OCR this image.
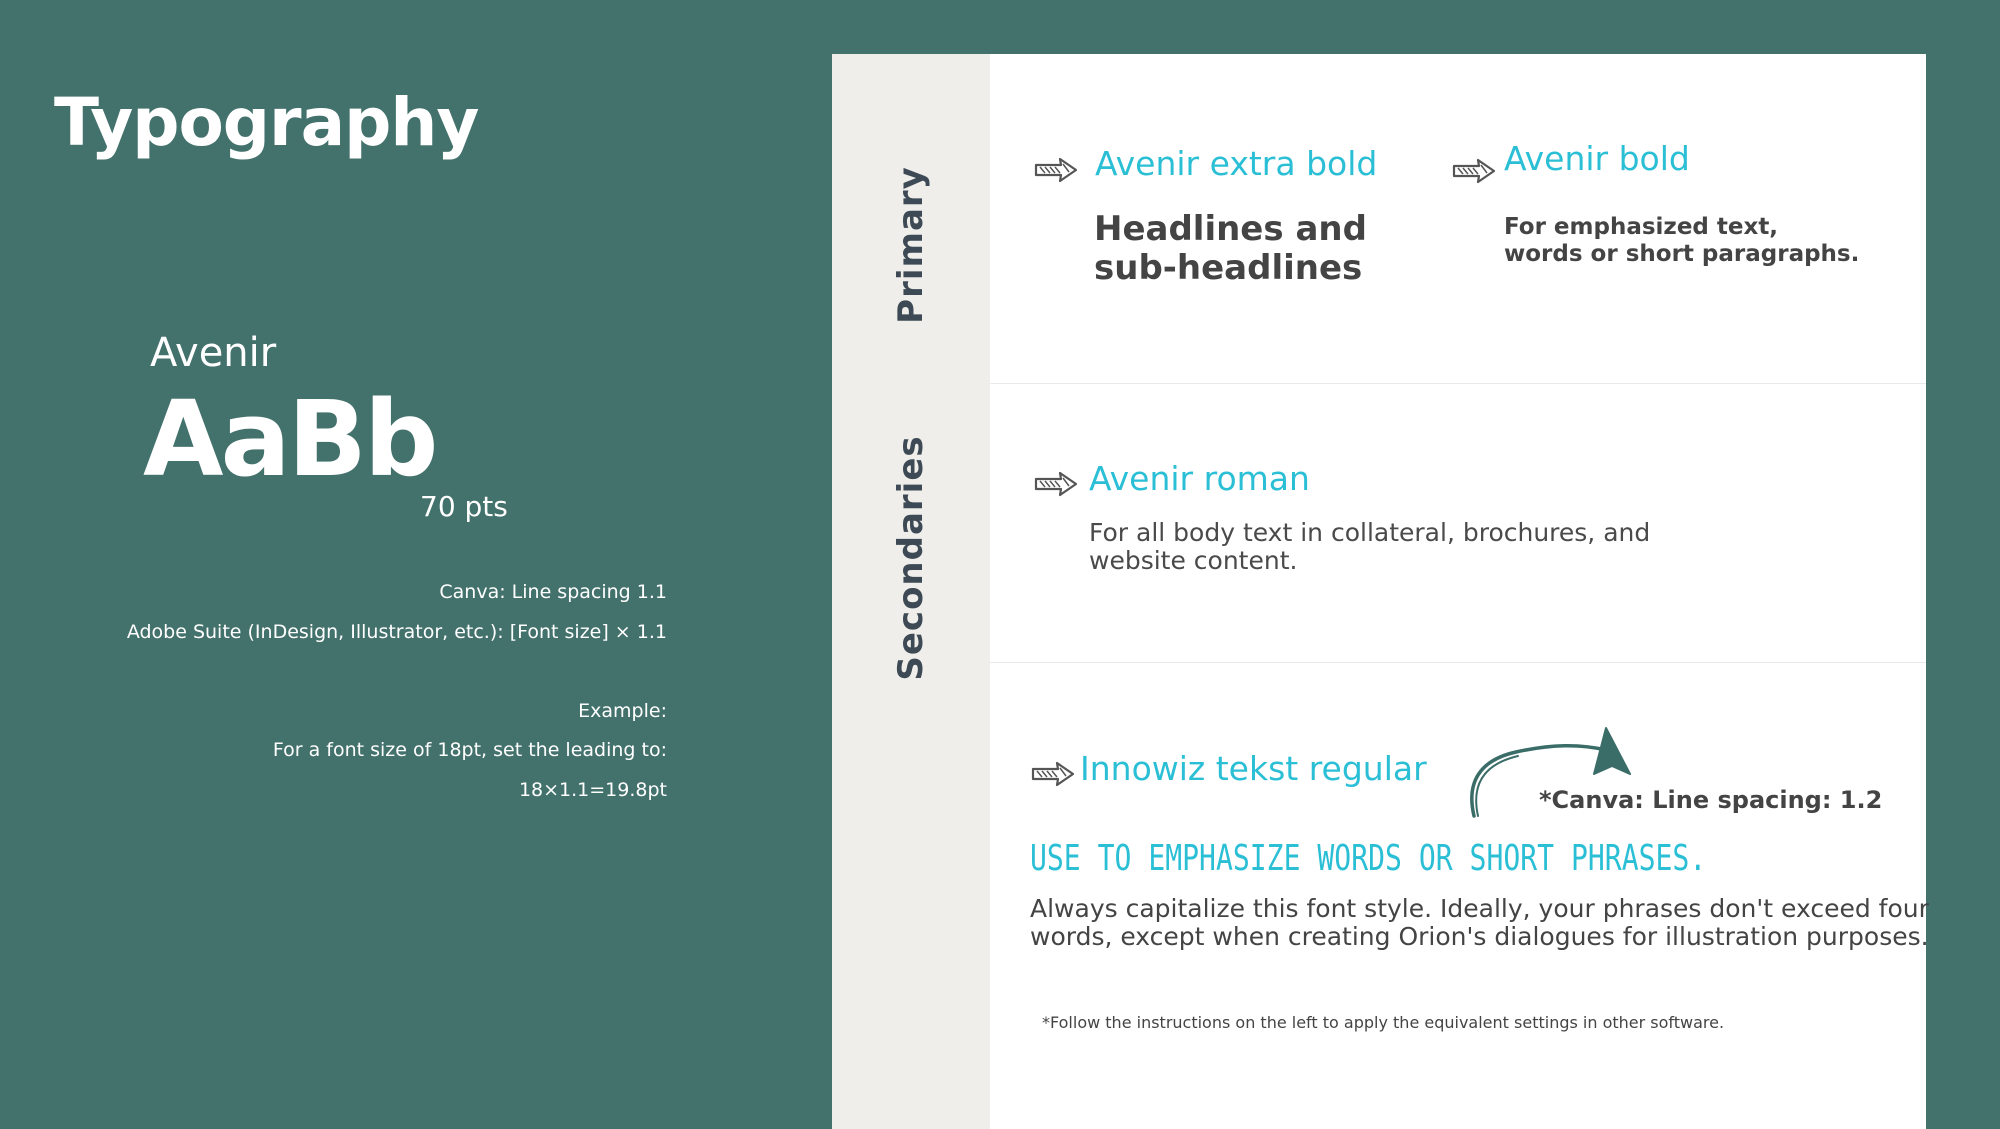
Typography
Avenir
AaBb
70 pts
Canva: Line spacing 1.1
Adobe Suite (InDesign, Illustrator, etc.): [Font size] × 1.1
Example:
For a font size of 18pt, set the leading to:
18×1.1=19.8pt
Primary
Secondaries
Avenir extra bold
Headlines and
sub-headlines
Avenir bold
For emphasized text,
words or short paragraphs.
Avenir roman
For all body text in collateral, brochures, and
website content.
Innowiz tekst regular
*Canva: Line spacing: 1.2
USE TO EMPHASIZE WORDS OR SHORT PHRASES.
Always capitalize this font style. Ideally, your phrases don't exceed four
words, except when creating Orion's dialogues for illustration purposes.
*Follow the instructions on the left to apply the equivalent settings in other software.
